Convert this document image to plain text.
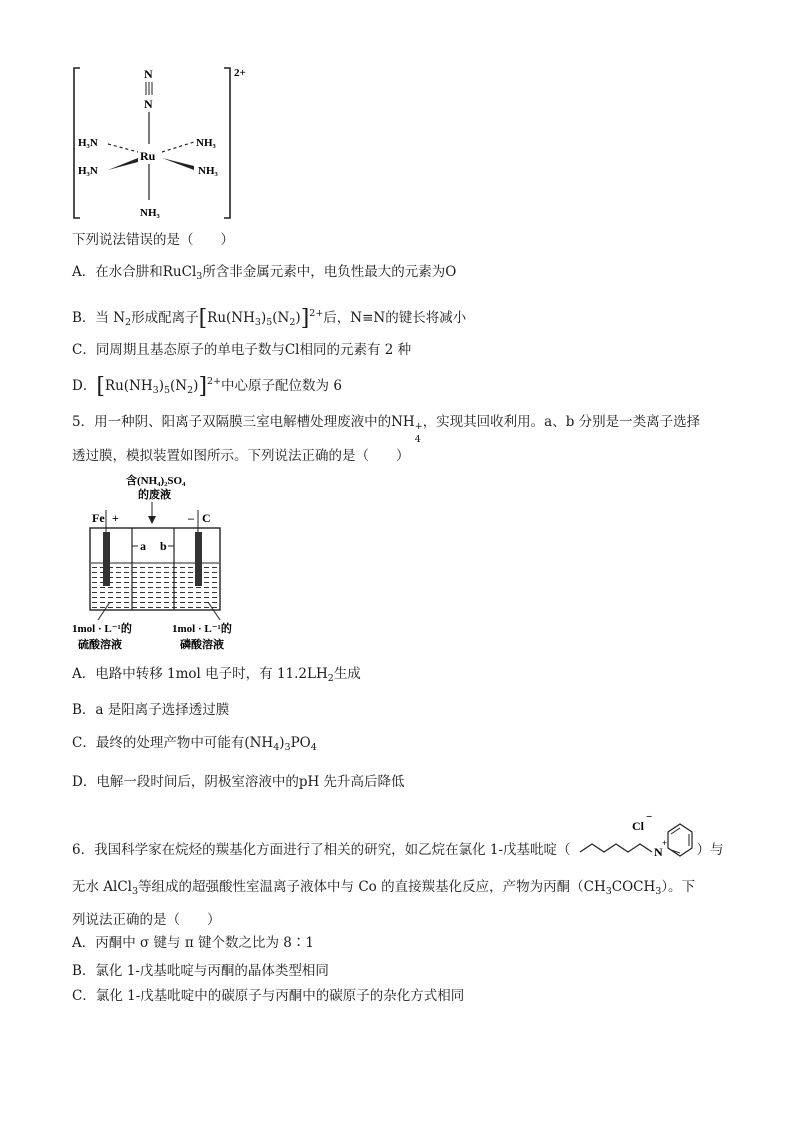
2+
N
N
Ru
H₃N
H₃N
NH₃
NH₃
NH₃
下列说法错误的是（　　）
A．在水合肼和RuCl$_3$所含非金属元素中，电负性最大的元素为O
B．当 $N_2$形成配离子$[Ru(NH_3)_5(N_2)]^{2+}$后，N≡N的键长将减小
C．同周期且基态原子的单电子数与Cl相同的元素有 2 种
D．$[Ru(NH_3)_5(N_2)]^{2+}$中心原子配位数为 6
5．用一种阴、阳离子双隔膜三室电解槽处理废液中的NH +
4
，实现其回收利用。a、b 分别是一类离子选择
透过膜，模拟装置如图所示。下列说法正确的是（　　）
含(NH₄)₂SO₄
的废液
Fe +	– C
a b
1mol · L⁻¹的
硫酸溶液
1mol · L⁻¹的
磷酸溶液
A．电路中转移 1mol 电子时，有 $11.2LH_2$生成
B．a 是阳离子选择透过膜
C．最终的处理产物中可能有$(NH_4)_3PO_4$
D．电解一段时间后，阴极室溶液中的pH 先升高后降低
6．我国科学家在烷烃的羰基化方面进行了相关的研究，如乙烷在氯化 1-戊基吡啶（	）与
Cl
−
N
+
无水 AlCl$_3$等组成的超强酸性室温离子液体中与 Co 的直接羰基化反应，产物为丙酮$(CH_3COCH_3)$。下
列说法正确的是（　　）
A．丙酮中 σ 键与 π 键个数之比为 8∶1
B．氯化 1-戊基吡啶与丙酮的晶体类型相同
C．氯化 1-戊基吡啶中的碳原子与丙酮中的碳原子的杂化方式相同
